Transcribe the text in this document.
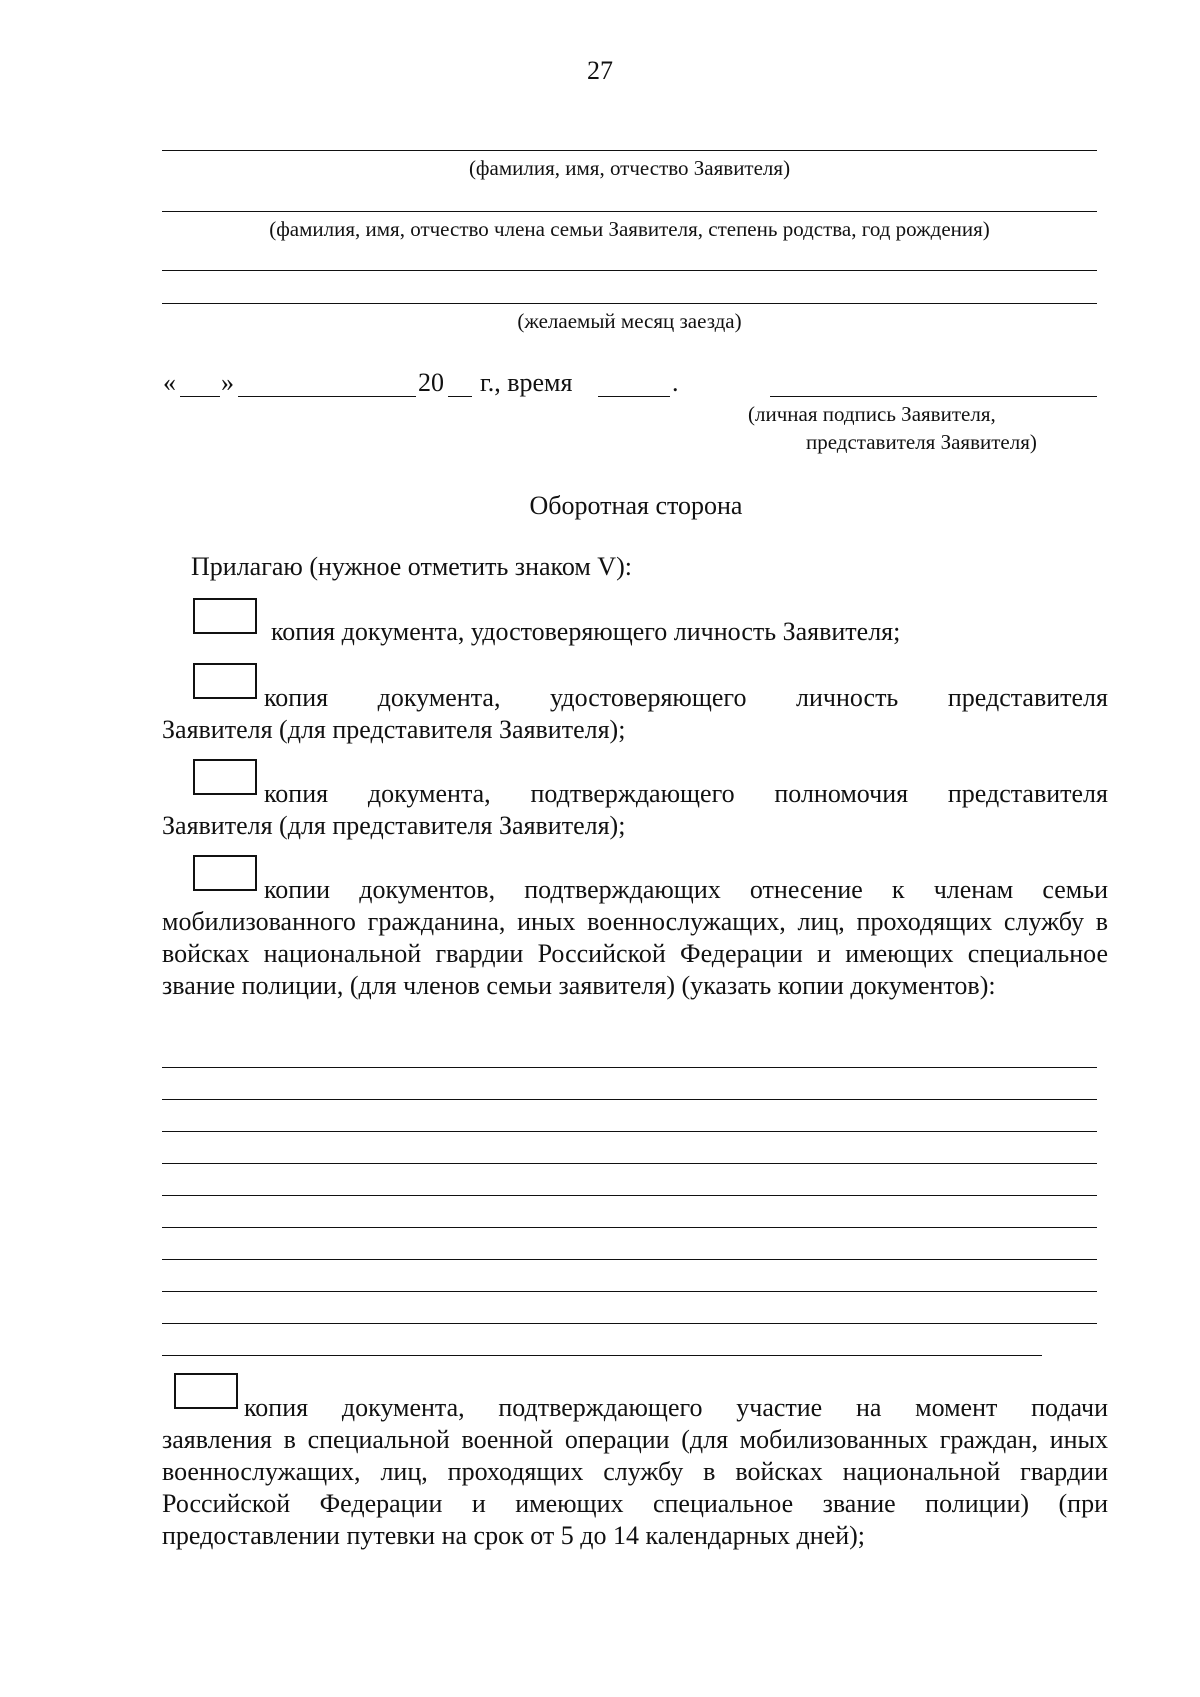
27
(фамилия, имя, отчество Заявителя)
(фамилия, имя, отчество члена семьи Заявителя, степень родства, год рождения)
(желаемый месяц заезда)
« »	20 г., время	.
(личная подпись Заявителя,
представителя Заявителя)
Оборотная сторона
Прилагаю (нужное отметить знаком V):
копия документа, удостоверяющего личность Заявителя;
копия документа, удостоверяющего личность представителя
Заявителя (для представителя Заявителя);
копия документа, подтверждающего полномочия представителя
Заявителя (для представителя Заявителя);
копии документов, подтверждающих отнесение к членам семьи
мобилизованного гражданина, иных военнослужащих, лиц, проходящих службу в войсках национальной гвардии Российской Федерации и имеющих специальное звание полиции, (для членов семьи заявителя) (указать копии документов):
копия документа, подтверждающего участие на момент подачи
заявления в специальной военной операции (для мобилизованных граждан, иных военнослужащих, лиц, проходящих службу в войсках национальной гвардии Российской Федерации и имеющих специальное звание полиции) (при предоставлении путевки на срок от 5 до 14 календарных дней);
